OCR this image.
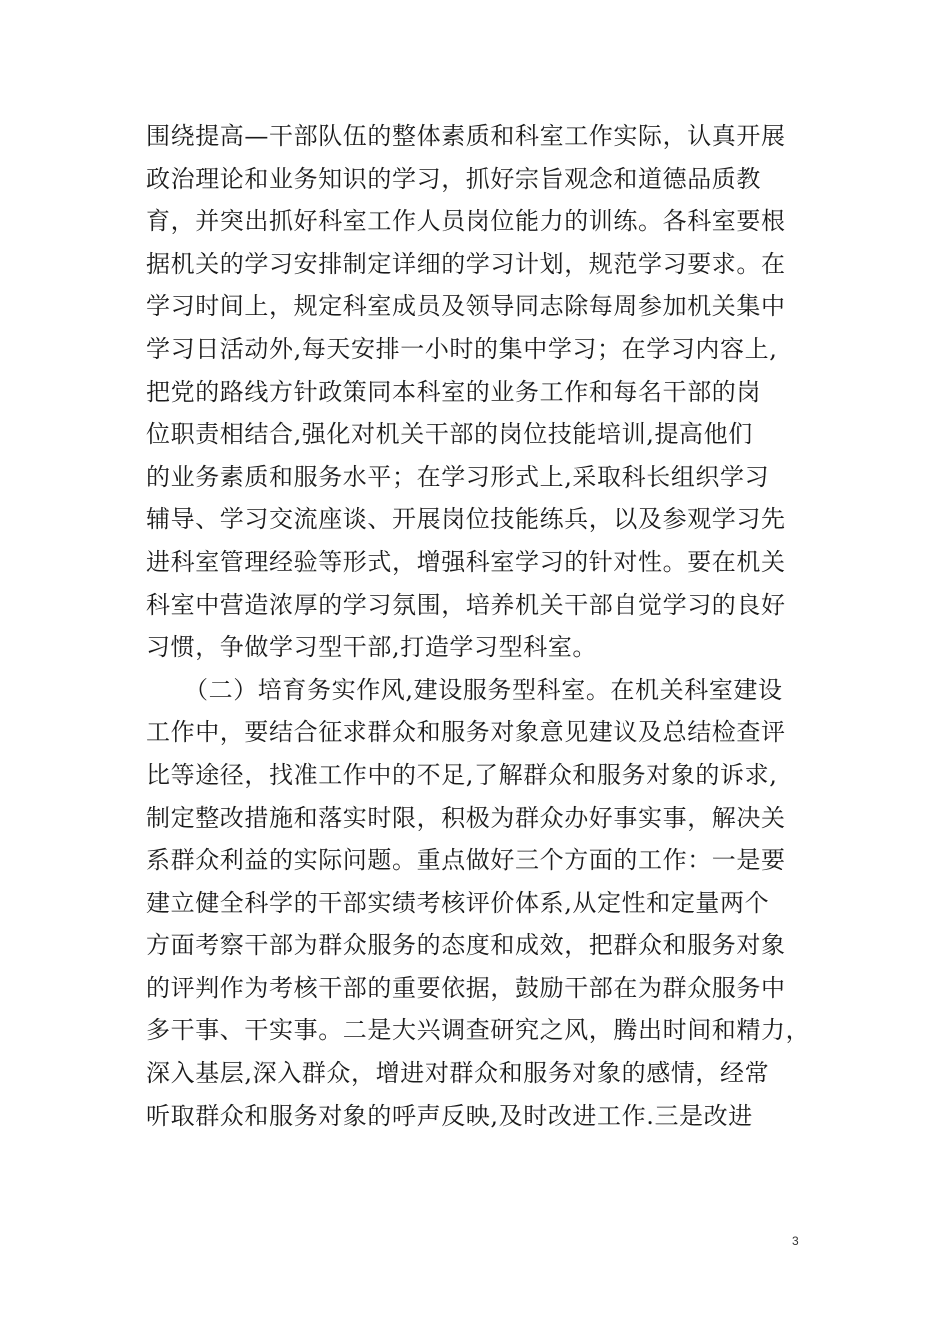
围绕提高—干部队伍的整体素质和科室工作实际，认真开展
政治理论和业务知识的学习，抓好宗旨观念和道德品质教
育，并突出抓好科室工作人员岗位能力的训练。各科室要根
据机关的学习安排制定详细的学习计划，规范学习要求。在
学习时间上，规定科室成员及领导同志除每周参加机关集中
学习日活动外,每天安排一小时的集中学习；在学习内容上,
把党的路线方针政策同本科室的业务工作和每名干部的岗
位职责相结合,强化对机关干部的岗位技能培训,提高他们
的业务素质和服务水平；在学习形式上,采取科长组织学习
辅导、学习交流座谈、开展岗位技能练兵，以及参观学习先
进科室管理经验等形式，增强科室学习的针对性。要在机关
科室中营造浓厚的学习氛围，培养机关干部自觉学习的良好
习惯，争做学习型干部,打造学习型科室。
（二）培育务实作风,建设服务型科室。在机关科室建设
工作中，要结合征求群众和服务对象意见建议及总结检查评
比等途径，找准工作中的不足,了解群众和服务对象的诉求,
制定整改措施和落实时限，积极为群众办好事实事，解决关
系群众利益的实际问题。重点做好三个方面的工作：一是要
建立健全科学的干部实绩考核评价体系,从定性和定量两个
方面考察干部为群众服务的态度和成效，把群众和服务对象
的评判作为考核干部的重要依据，鼓励干部在为群众服务中
多干事、干实事。二是大兴调查研究之风，腾出时间和精力，
深入基层,深入群众，增进对群众和服务对象的感情，经常
听取群众和服务对象的呼声反映,及时改进工作.三是改进
3
